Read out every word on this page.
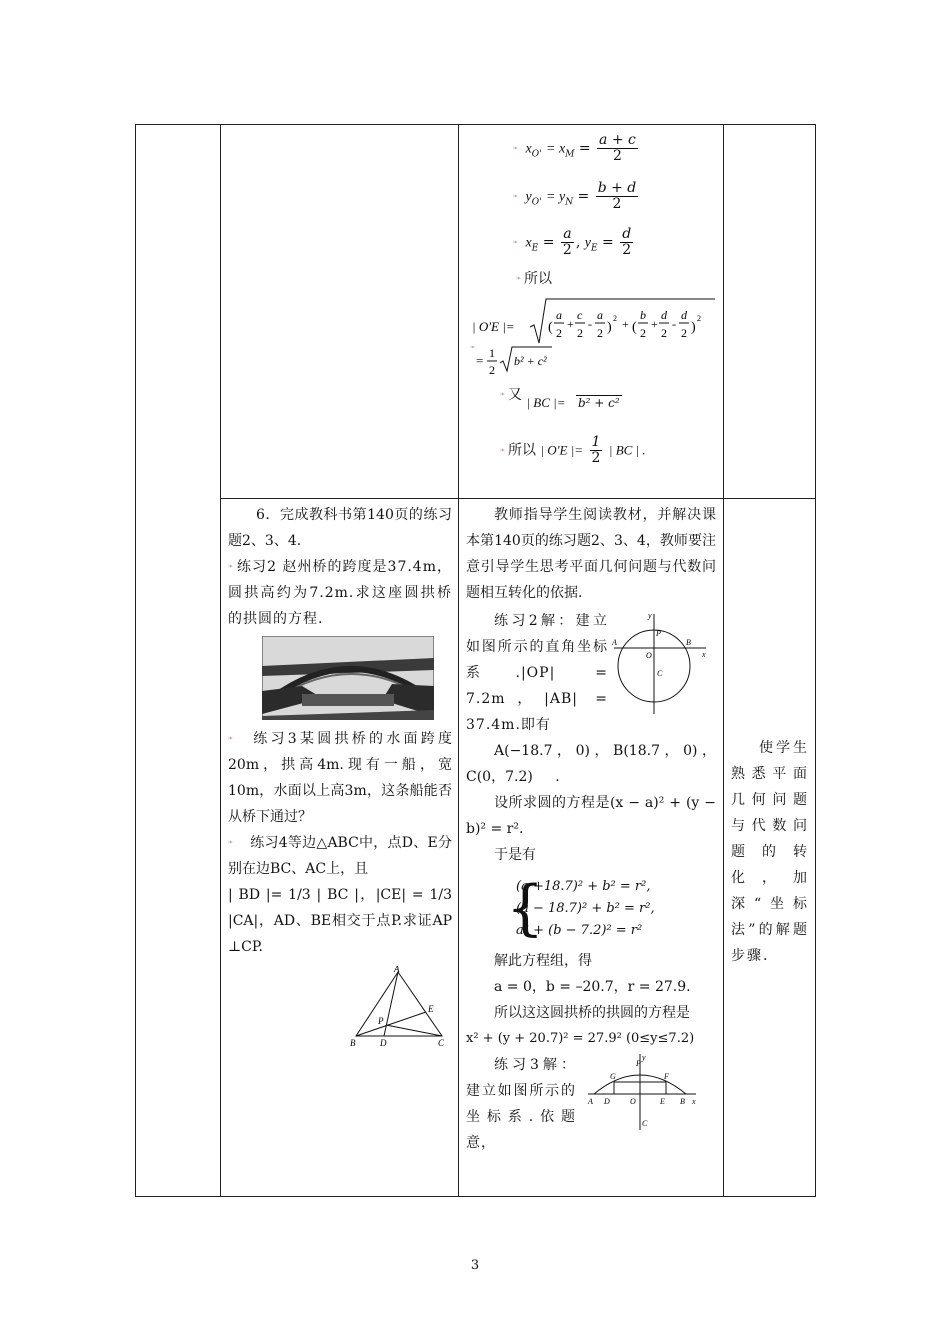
❧ $x_{O'} = x_M = \frac{a + c}{2}$
❧ $y_{O'} = y_N = \frac{b + d}{2}$
❧ $x_E = \frac{a}{2}$ , $y_E = \frac{d}{2}$
❧ 所以
| O′E |= (
a
2
+
c
2
-
a
2 )
2 + (
b
2
+
d
2
-
d
2 )
2
❧
= 1
2
b² + c²
❧ 又 | BC |= b² + c²
❧ 所以 | O′E |= $\frac{1}{2}$ | BC | .

6．完成教科书第140页的练习题2、3、4.

❧ 练习2 赵州桥的跨度是37.4m，圆拱高约为7.2m.求这座圆拱桥的拱圆的方程.

❧ 练习3某圆拱桥的水面跨度20m，拱高4m.现有一船，宽10m，水面以上高3m，这条船能否从桥下通过？

❧ 练习4等边△ABC中，点D、E分别在边BC、AC上，且

| BD |= 1/3 | BC |，|CE| = 1/3 |CA|，AD、BE相交于点P.求证AP ⊥CP.

A
B	C
D
E
P

教师指导学生阅读教材，并解决课本第140页的练习题2、3、4，教师要注意引导学生思考平面几何问题与代数问题相互转化的依据.

y
P
A
O
B
x
C

练习2解：建立如图所示的直角坐标系.|OP| = 7.2m，|AB| = 37.4m.即有

A(−18.7，0)，B(18.7，0)，C(0，7.2) .

设所求圆的方程是(x − a)² + (y − b)² = r².

于是有

{
(a +18.7)² + b² = r²,
(a − 18.7)² + b² = r²,
a² + (b − 7.2)² = r²

解此方程组，得

a = 0，b = –20.7，r = 27.9.

所以这这圆拱桥的拱圆的方程是

x² + (y + 20.7)² = 27.9² (0≤y≤7.2)

G
P
F
A D	O	E B x
y
C

练习3解：建立如图所示的坐标系.依题意，

使学生熟悉平面几何问题与代数问题的转化，加深“坐标法”的解题步骤.

3
